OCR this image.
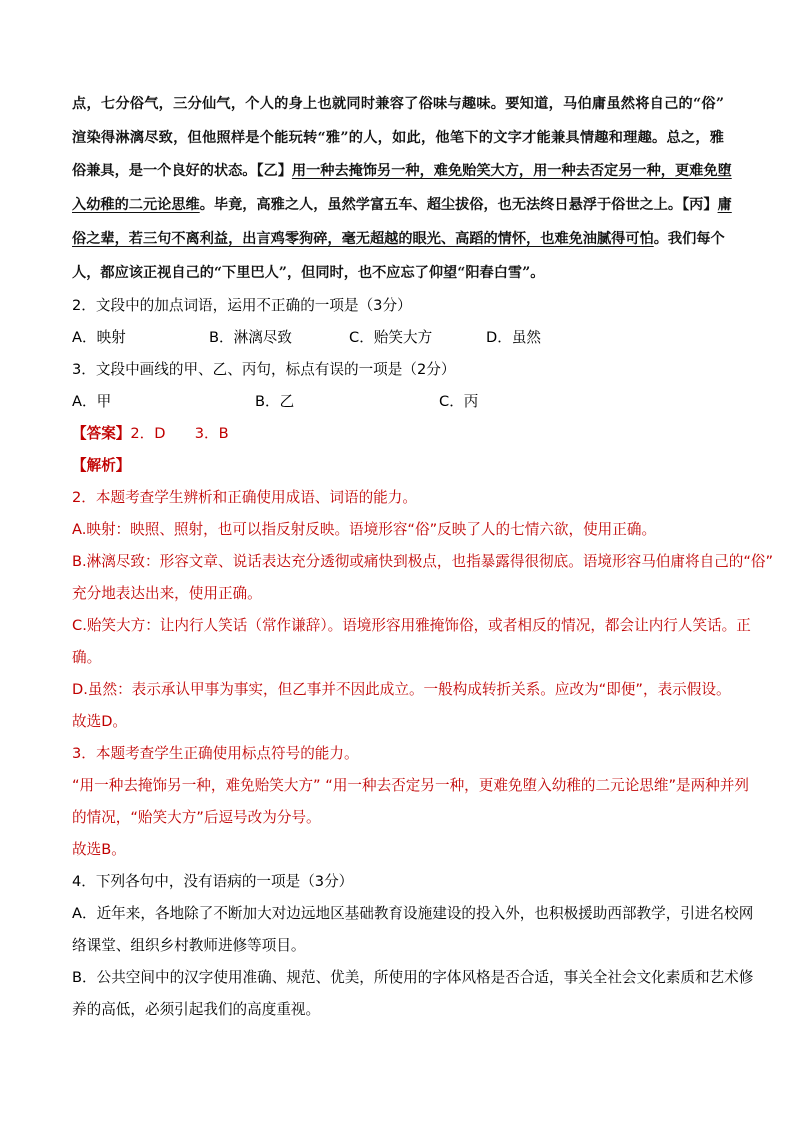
点，七分俗气，三分仙气，个人的身上也就同时兼容了俗味与趣味。要知道，马伯庸虽然将自己的“俗”
渲染得淋漓尽致，但他照样是个能玩转“雅”的人，如此，他笔下的文字才能兼具情趣和理趣。总之，雅
俗兼具，是一个良好的状态。【乙】用一种去掩饰另一种，难免贻笑大方，用一种去否定另一种，更难免堕
入幼稚的二元论思维。毕竟，高雅之人，虽然学富五车、超尘拔俗，也无法终日悬浮于俗世之上。【丙】庸
俗之辈，若三句不离利益，出言鸡零狗碎，毫无超越的眼光、高蹈的情怀，也难免油腻得可怕。我们每个
人，都应该正视自己的“下里巴人”，但同时，也不应忘了仰望“阳春白雪”。

2．文段中的加点词语，运用不正确的一项是（3分）

A．映射	B．淋漓尽致	C．贻笑大方	D．虽然

3．文段中画线的甲、乙、丙句，标点有误的一项是（2分）

A．甲	B．乙	C．丙

【答案】2．D　　3．B

【解析】

2．本题考查学生辨析和正确使用成语、词语的能力。
A.映射：映照、照射，也可以指反射反映。语境形容“俗”反映了人的七情六欲，使用正确。
B.淋漓尽致：形容文章、说话表达充分透彻或痛快到极点，也指暴露得很彻底。语境形容马伯庸将自己的“俗”
充分地表达出来，使用正确。
C.贻笑大方：让内行人笑话（常作谦辞）。语境形容用雅掩饰俗，或者相反的情况，都会让内行人笑话。正
确。
D.虽然：表示承认甲事为事实，但乙事并不因此成立。一般构成转折关系。应改为“即便”，表示假设。
故选D。
3．本题考查学生正确使用标点符号的能力。
“用一种去掩饰另一种，难免贻笑大方” “用一种去否定另一种，更难免堕入幼稚的二元论思维”是两种并列
的情况，“贻笑大方”后逗号改为分号。
故选B。
4．下列各句中，没有语病的一项是（3分）
A．近年来，各地除了不断加大对边远地区基础教育设施建设的投入外，也积极援助西部教学，引进名校网
络课堂、组织乡村教师进修等项目。
B．公共空间中的汉字使用准确、规范、优美，所使用的字体风格是否合适，事关全社会文化素质和艺术修
养的高低，必须引起我们的高度重视。
